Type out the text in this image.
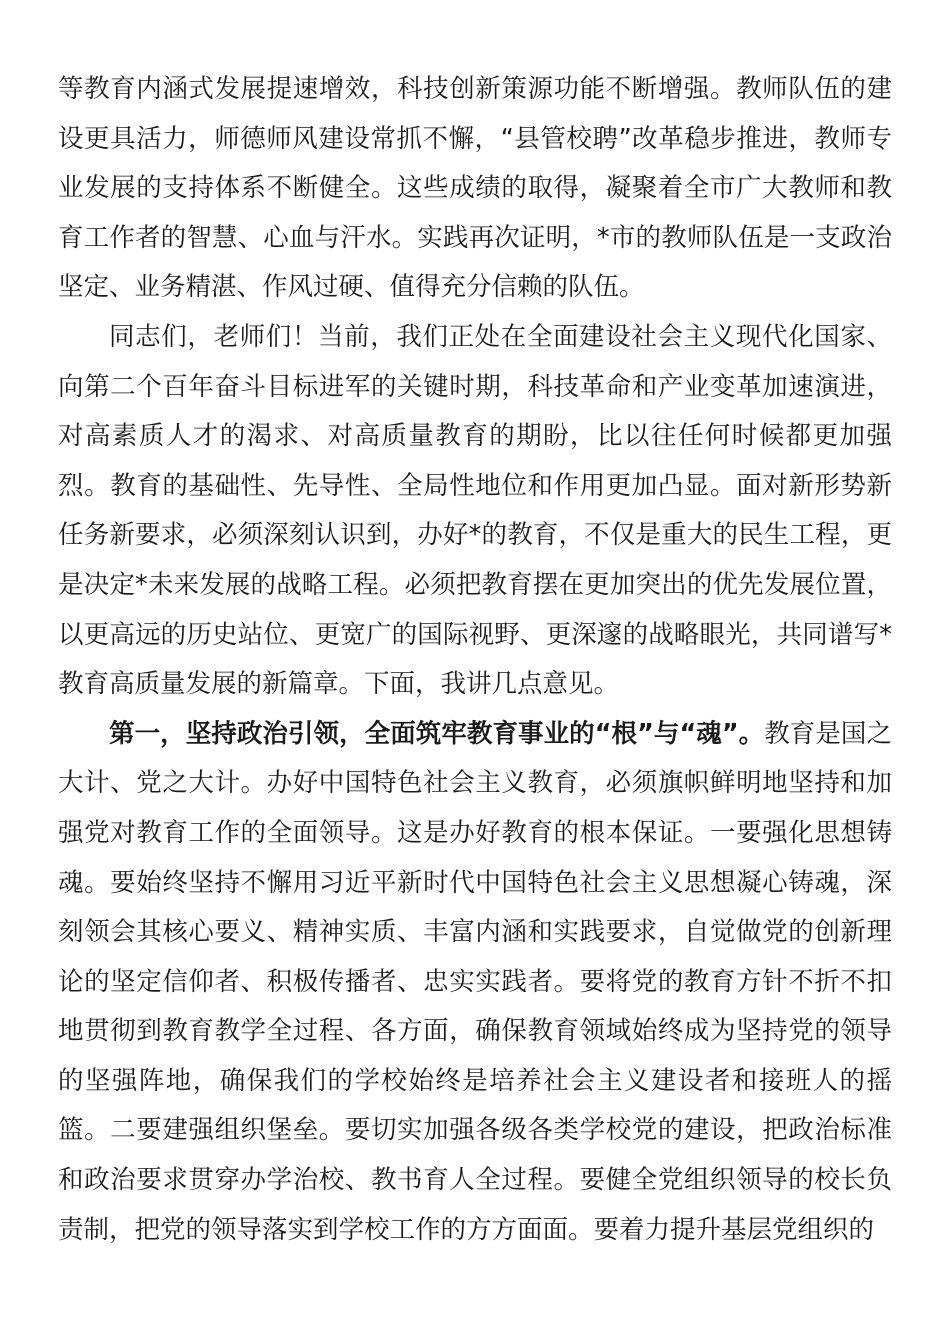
等教育内涵式发展提速增效，科技创新策源功能不断增强。教师队伍的建设更具活力，师德师风建设常抓不懈，“县管校聘”改革稳步推进，教师专业发展的支持体系不断健全。这些成绩的取得，凝聚着全市广大教师和教育工作者的智慧、心血与汗水。实践再次证明，*市的教师队伍是一支政治坚定、业务精湛、作风过硬、值得充分信赖的队伍。

同志们，老师们！当前，我们正处在全面建设社会主义现代化国家、向第二个百年奋斗目标进军的关键时期，科技革命和产业变革加速演进，对高素质人才的渴求、对高质量教育的期盼，比以往任何时候都更加强烈。教育的基础性、先导性、全局性地位和作用更加凸显。面对新形势新任务新要求，必须深刻认识到，办好*的教育，不仅是重大的民生工程，更是决定*未来发展的战略工程。必须把教育摆在更加突出的优先发展位置，以更高远的历史站位、更宽广的国际视野、更深邃的战略眼光，共同谱写*教育高质量发展的新篇章。下面，我讲几点意见。

第一，坚持政治引领，全面筑牢教育事业的“根”与“魂”。教育是国之大计、党之大计。办好中国特色社会主义教育，必须旗帜鲜明地坚持和加强党对教育工作的全面领导。这是办好教育的根本保证。一要强化思想铸魂。要始终坚持不懈用习近平新时代中国特色社会主义思想凝心铸魂，深刻领会其核心要义、精神实质、丰富内涵和实践要求，自觉做党的创新理论的坚定信仰者、积极传播者、忠实实践者。要将党的教育方针不折不扣地贯彻到教育教学全过程、各方面，确保教育领域始终成为坚持党的领导的坚强阵地，确保我们的学校始终是培养社会主义建设者和接班人的摇篮。二要建强组织堡垒。要切实加强各级各类学校党的建设，把政治标准和政治要求贯穿办学治校、教书育人全过程。要健全党组织领导的校长负责制，把党的领导落实到学校工作的方方面面。要着力提升基层党组织的
